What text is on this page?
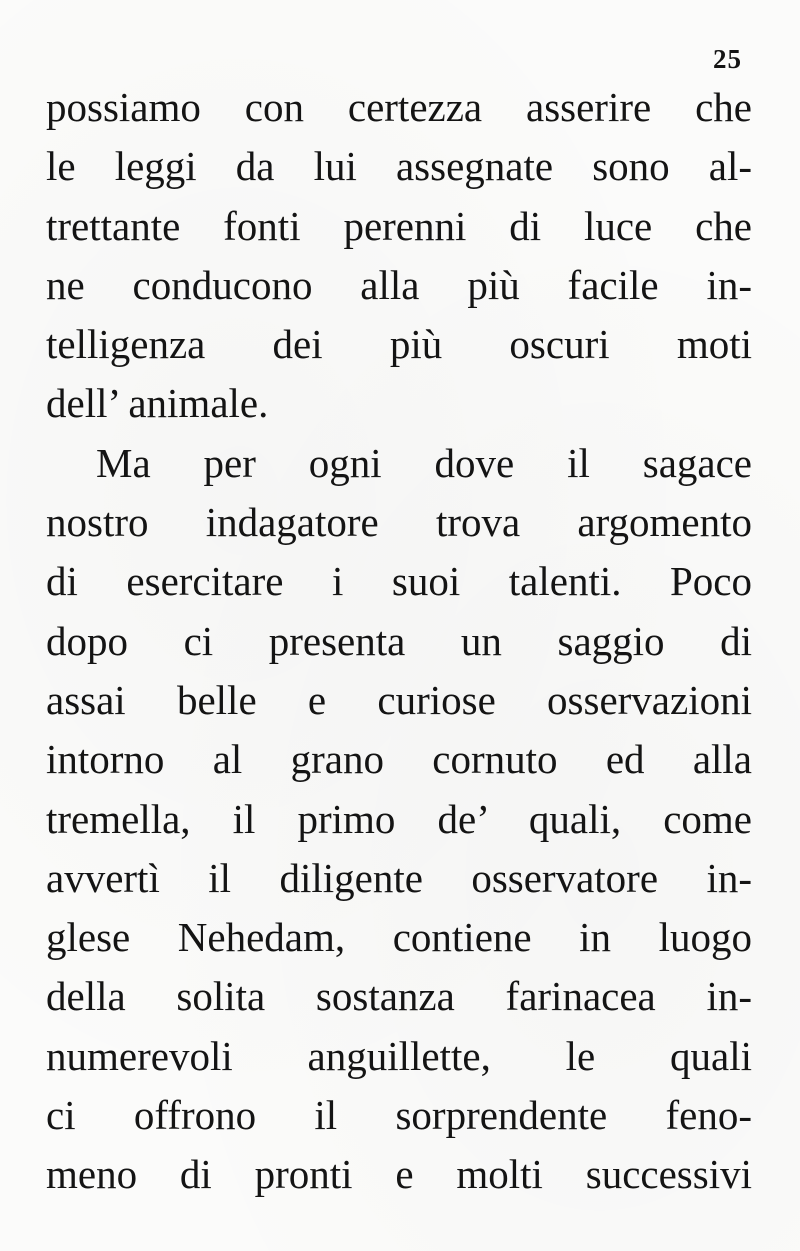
25
possiamo con certezza asserire che
le leggi da lui assegnate sono al-
trettante fonti perenni di luce che
ne conducono alla più facile in-
telligenza dei più oscuri moti
dell’ animale.
Ma per ogni dove il sagace
nostro indagatore trova argomento
di esercitare i suoi talenti. Poco
dopo ci presenta un saggio di
assai belle e curiose osservazioni
intorno al grano cornuto ed alla
tremella, il primo de’ quali, come
avvertì il diligente osservatore in-
glese Nehedam, contiene in luogo
della solita sostanza farinacea in-
numerevoli anguillette, le quali
ci offrono il sorprendente feno-
meno di pronti e molti successivi
